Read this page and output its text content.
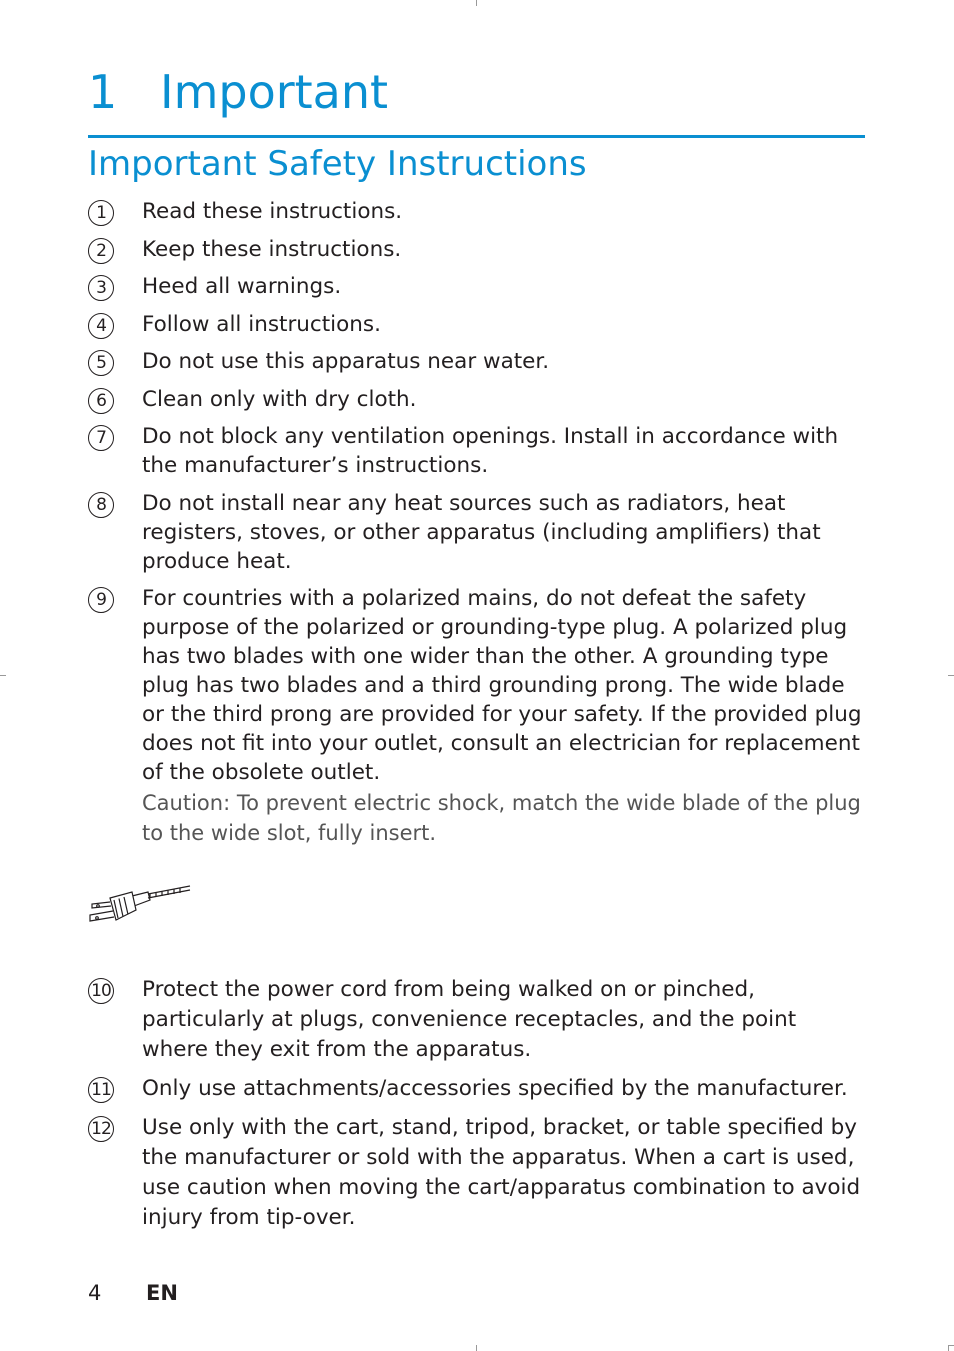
1 Important
Important Safety Instructions
1	Read these instructions.
2	Keep these instructions.
3	Heed all warnings.
4	Follow all instructions.
5	Do not use this apparatus near water.
6	Clean only with dry cloth.
7	Do not block any ventilation openings. Install in accordance with the manufacturer’s instructions.
8	Do not install near any heat sources such as radiators, heat registers, stoves, or other apparatus (including amplifiers) that produce heat.
9	For countries with a polarized mains, do not defeat the safety purpose of the polarized or grounding-type plug. A polarized plug has two blades with one wider than the other. A grounding type plug has two blades and a third grounding prong. The wide blade or the third prong are provided for your safety. If the provided plug does not fit into your outlet, consult an electrician for replacement of the obsolete outlet.
Caution: To prevent electric shock, match the wide blade of the plug to the wide slot, fully insert.
10 Protect the power cord from being walked on or pinched, particularly at plugs, convenience receptacles, and the point where they exit from the apparatus.
11 Only use attachments/accessories specified by the manufacturer.
12 Use only with the cart, stand, tripod, bracket, or table specified by the manufacturer or sold with the apparatus. When a cart is used, use caution when moving the cart/apparatus combination to avoid injury from tip-over.
4 EN
